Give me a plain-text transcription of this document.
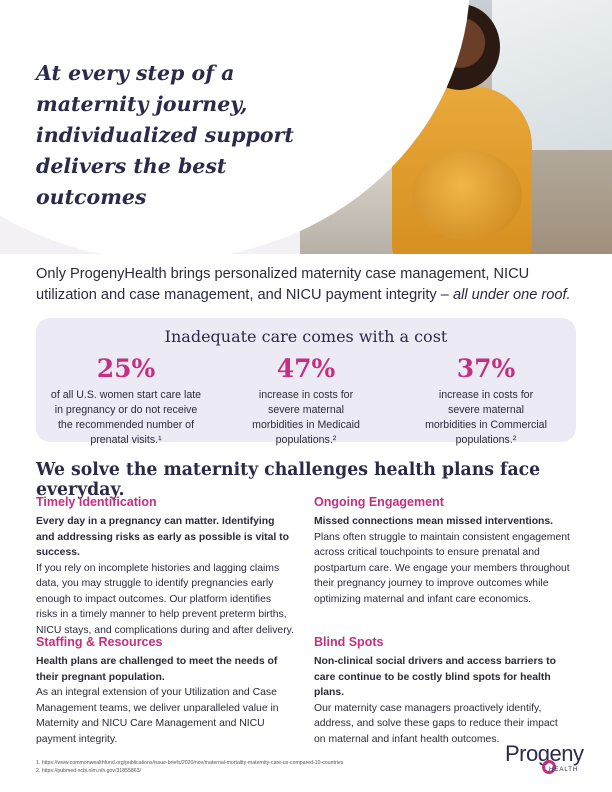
At every step of a maternity journey, individualized support delivers the best outcomes

Only ProgenyHealth brings personalized maternity case management, NICU utilization and case management, and NICU payment integrity – all under one roof.

Inadequate care comes with a cost
25%
of all U.S. women start care late in pregnancy or do not receive the recommended number of prenatal visits.¹
47%
increase in costs for severe maternal morbidities in Medicaid populations.²
37%
increase in costs for severe maternal morbidities in Commercial populations.²
We solve the maternity challenges health plans face everyday.
Timely Identification

Every day in a pregnancy can matter. Identifying and addressing risks as early as possible is vital to success.

If you rely on incomplete histories and lagging claims data, you may struggle to identify pregnancies early enough to impact outcomes. Our platform identifies risks in a timely manner to help prevent preterm births, NICU stays, and complications during and after delivery.

Ongoing Engagement

Missed connections mean missed interventions.

Plans often struggle to maintain consistent engagement across critical touchpoints to ensure prenatal and postpartum care. We engage your members throughout their pregnancy journey to improve outcomes while optimizing maternal and infant care economics.

Staffing & Resources

Health plans are challenged to meet the needs of their pregnant population.

As an integral extension of your Utilization and Case Management teams, we deliver unparalleled value in Maternity and NICU Care Management and NICU payment integrity.

Blind Spots

Non-clinical social drivers and access barriers to care continue to be costly blind spots for health plans.

Our maternity case managers proactively identify, address, and solve these gaps to reduce their impact on maternal and infant health outcomes.

1. https://www.commonwealthfund.org/publications/issue-briefs/2020/nov/maternal-mortality-maternity-care-us-compared-10-countries
2. https://pubmed.ncbi.nlm.nih.gov/31855863/
Progeny
HEALTH
